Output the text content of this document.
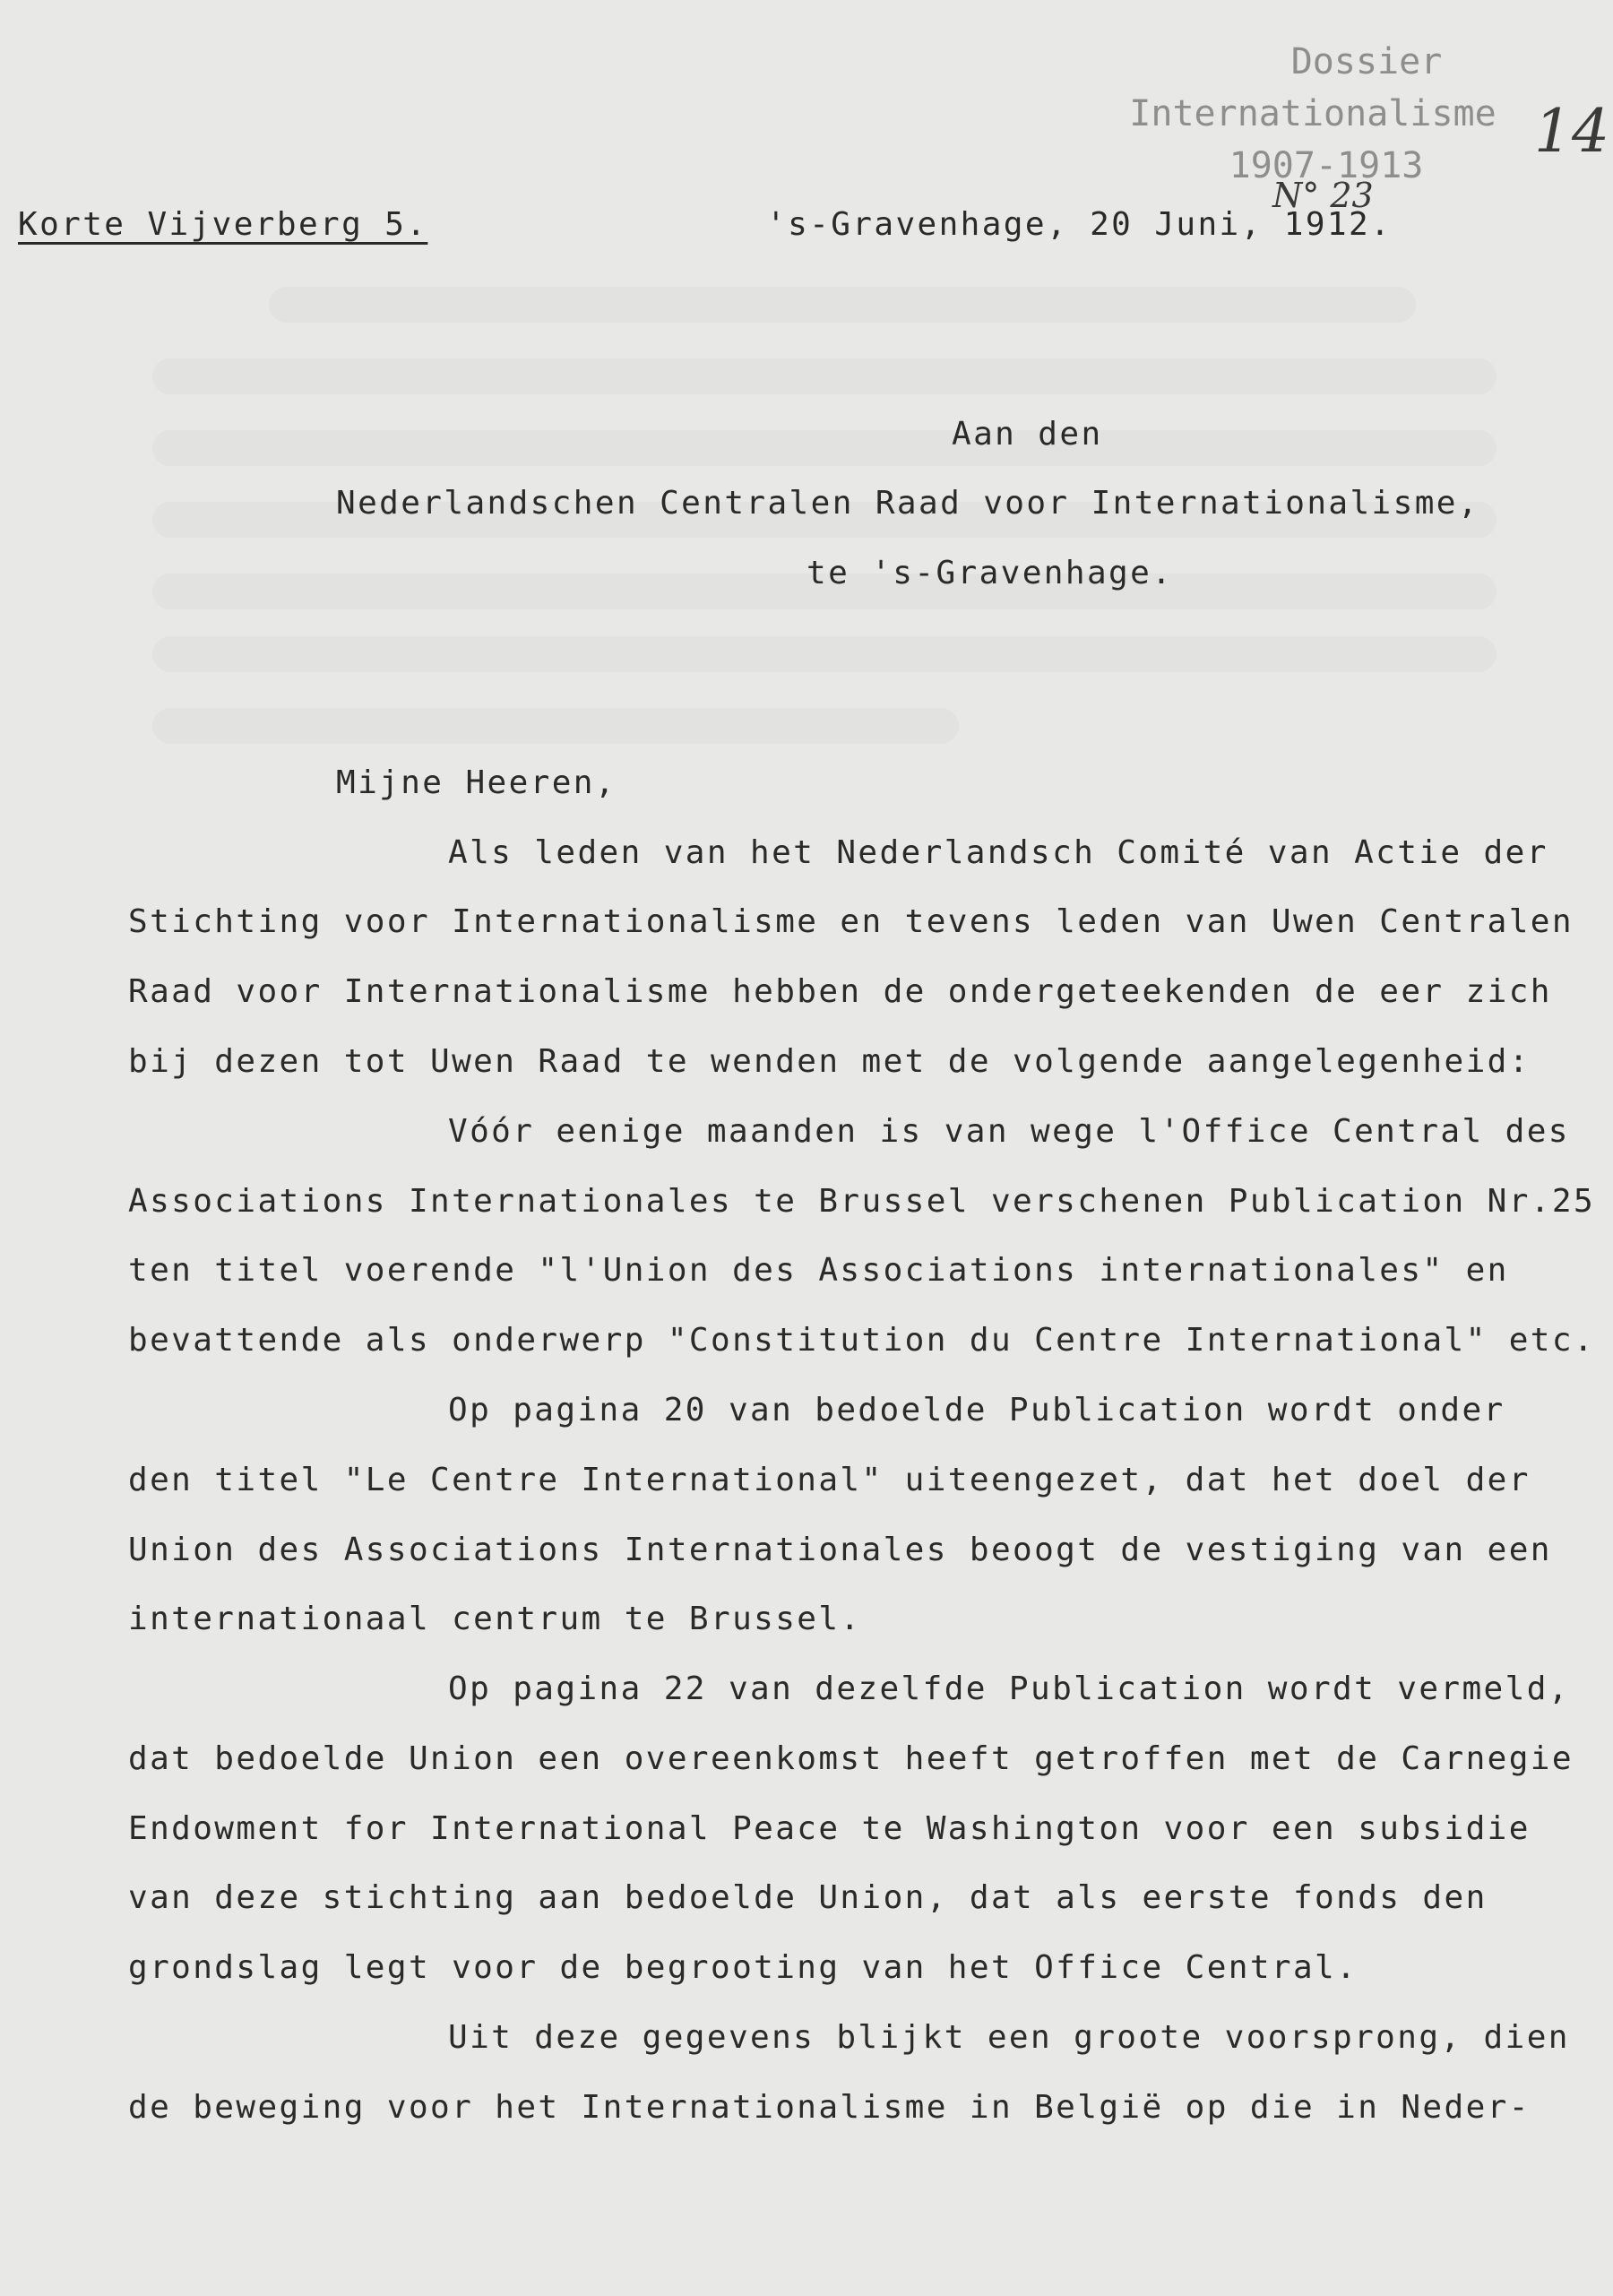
Dossier
Internationalisme
1907-1913	14
N° 23
Korte Vijverberg 5.	's-Gravenhage, 20 Juni, 1912.
Aan den
Nederlandschen Centralen Raad voor Internationalisme,
te 's-Gravenhage.
Mijne Heeren,
Als leden van het Nederlandsch Comité van Actie der
Stichting voor Internationalisme en tevens leden van Uwen Centralen
Raad voor Internationalisme hebben de ondergeteekenden de eer zich
bij dezen tot Uwen Raad te wenden met de volgende aangelegenheid:
Vóór eenige maanden is van wege l'Office Central des
Associations Internationales te Brussel verschenen Publication Nr.25
ten titel voerende "l'Union des Associations internationales" en
bevattende als onderwerp "Constitution du Centre International" etc.
Op pagina 20 van bedoelde Publication wordt onder
den titel "Le Centre International" uiteengezet, dat het doel der
Union des Associations Internationales beoogt de vestiging van een
internationaal centrum te Brussel.
Op pagina 22 van dezelfde Publication wordt vermeld,
dat bedoelde Union een overeenkomst heeft getroffen met de Carnegie
Endowment for International Peace te Washington voor een subsidie
van deze stichting aan bedoelde Union, dat als eerste fonds den
grondslag legt voor de begrooting van het Office Central.
Uit deze gegevens blijkt een groote voorsprong, dien
de beweging voor het Internationalisme in België op die in Neder-
